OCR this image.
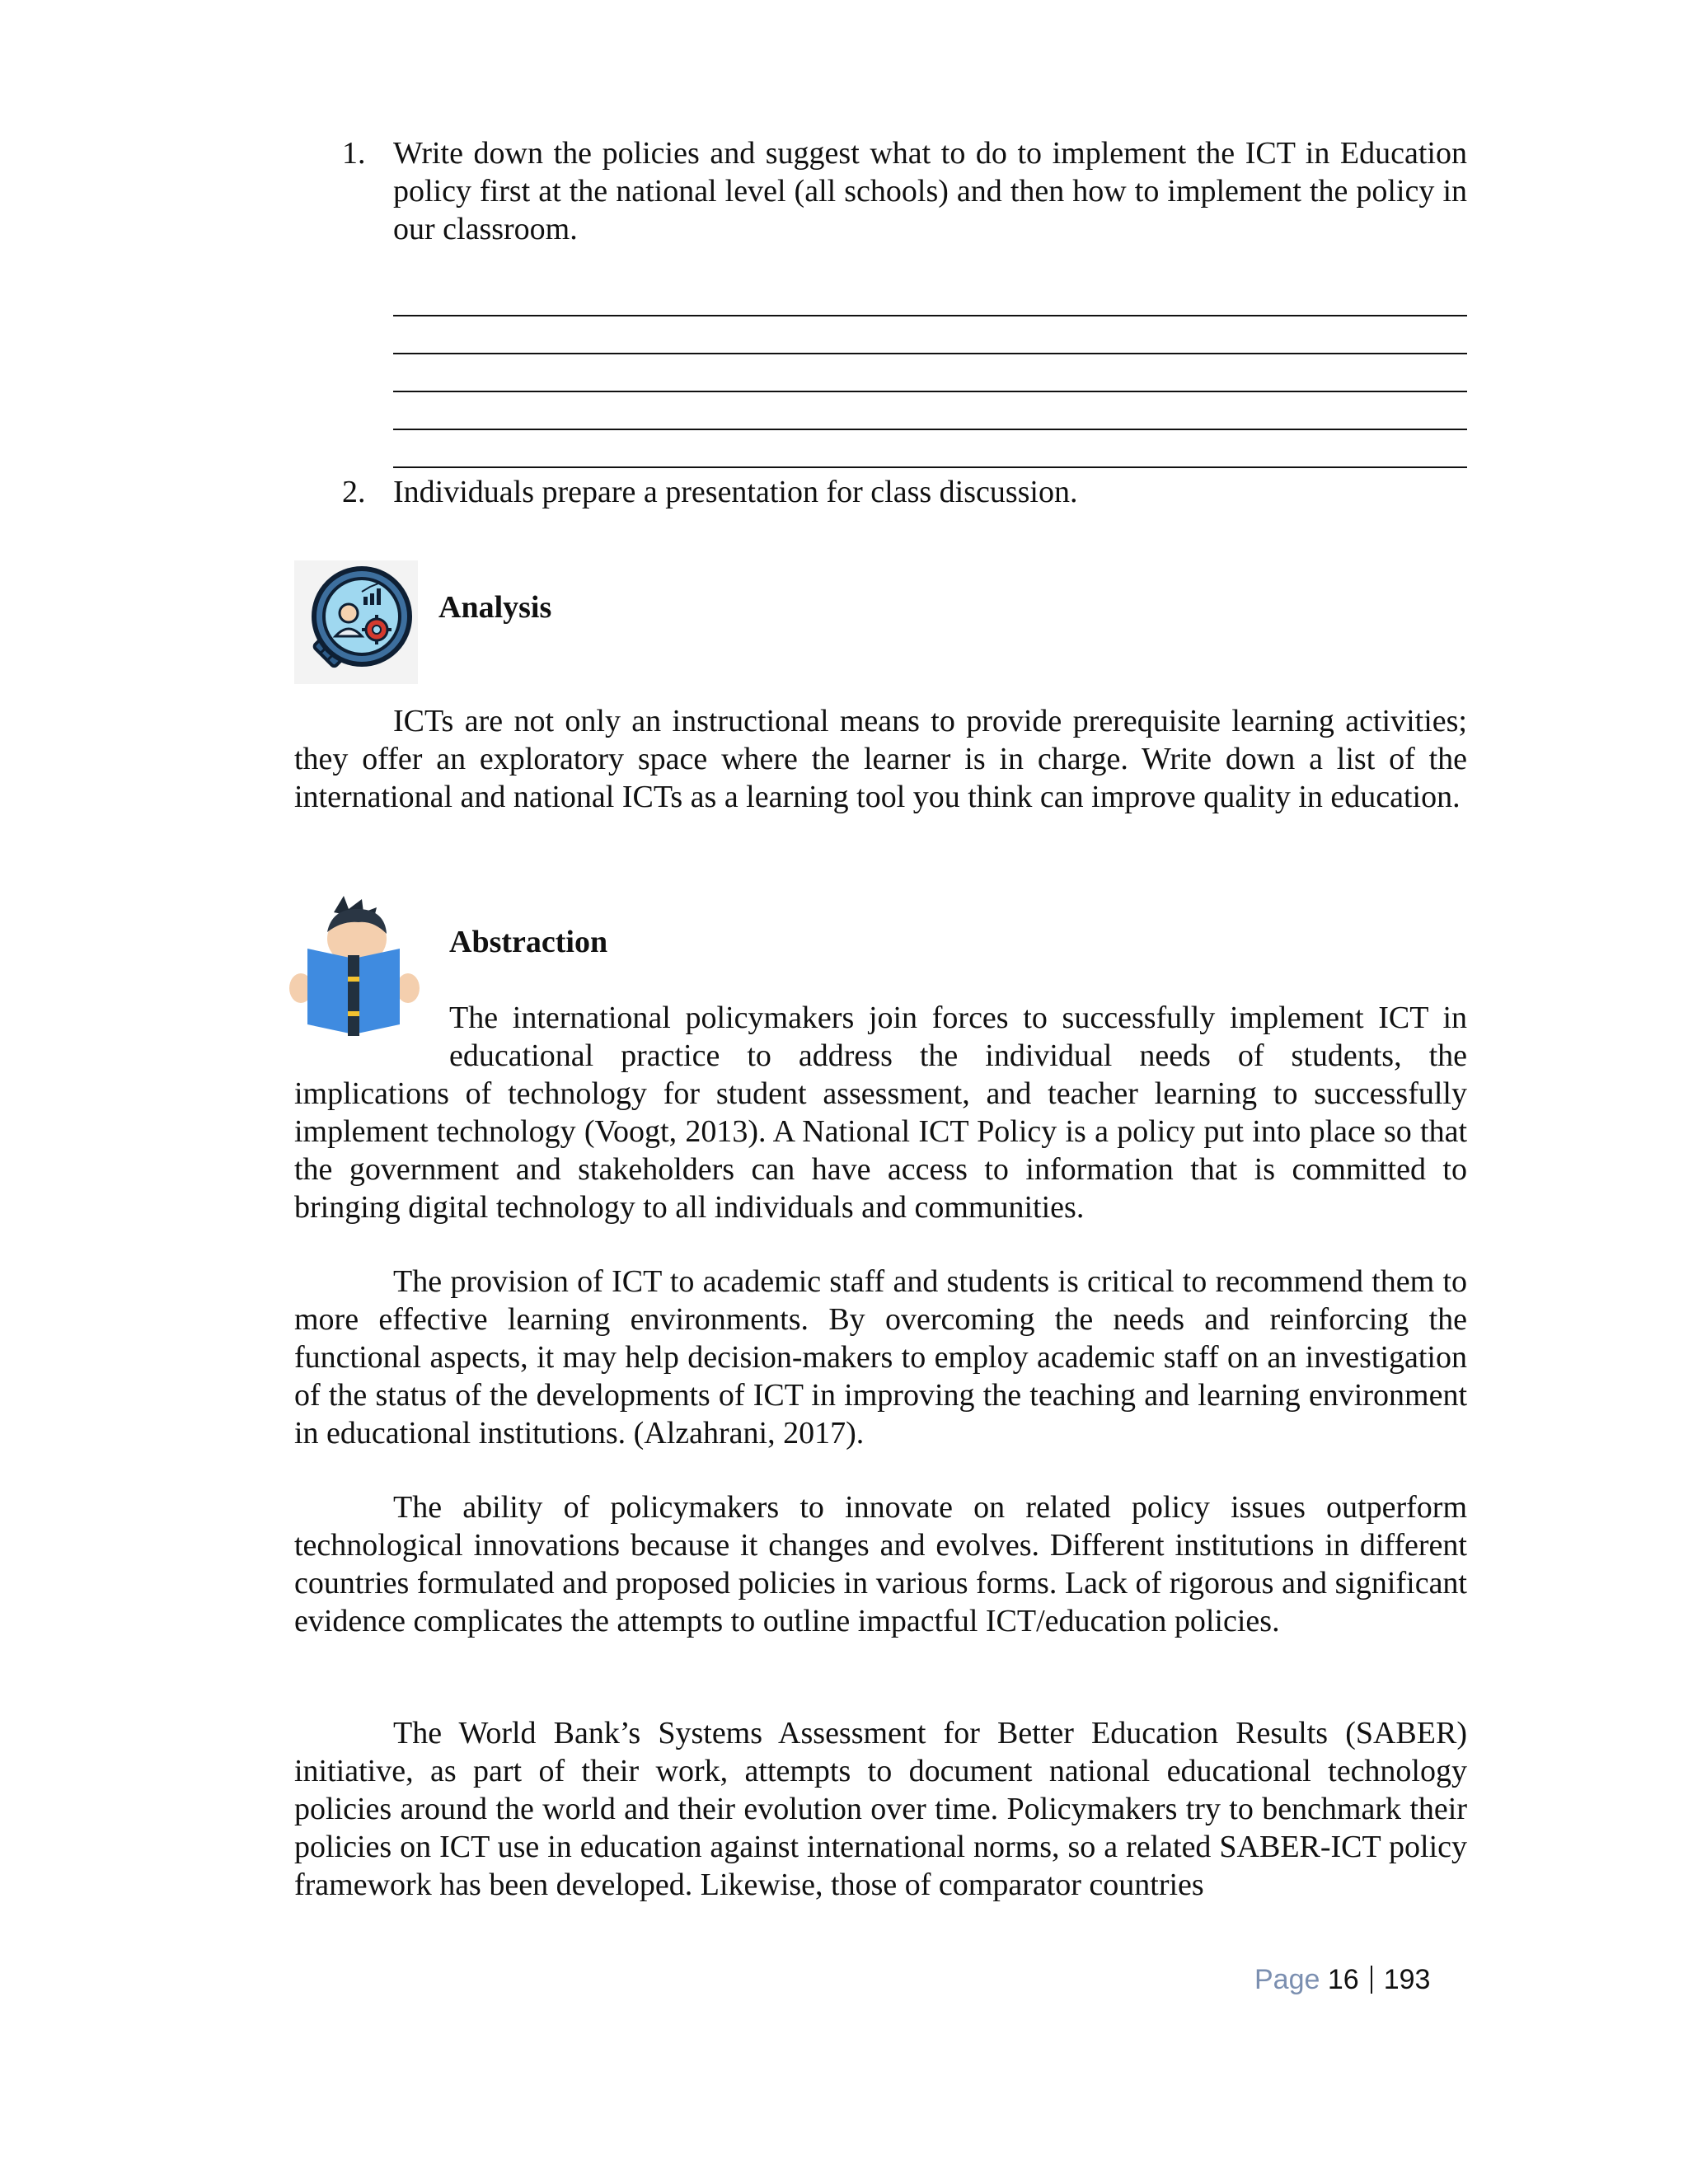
1. Write down the policies and suggest what to do to implement the ICT in Education policy first at the national level (all schools) and then how to implement the policy in our classroom.
2. Individuals prepare a presentation for class discussion.
Analysis
ICTs are not only an instructional means to provide prerequisite learning activities; they offer an exploratory space where the learner is in charge. Write down a list of the international and national ICTs as a learning tool you think can improve quality in education.
Abstraction
The international policymakers join forces to successfully implement ICT in educational practice to address the individual needs of students, the
implications of technology for student assessment, and teacher learning to successfully implement technology (Voogt, 2013). A National ICT Policy is a policy put into place so that the government and stakeholders can have access to information that is committed to bringing digital technology to all individuals and communities.
The provision of ICT to academic staff and students is critical to recommend them to more effective learning environments. By overcoming the needs and reinforcing the functional aspects, it may help decision-makers to employ academic staff on an investigation of the status of the developments of ICT in improving the teaching and learning environment in educational institutions. (Alzahrani, 2017).
The ability of policymakers to innovate on related policy issues outperform technological innovations because it changes and evolves. Different institutions in different countries formulated and proposed policies in various forms. Lack of rigorous and significant evidence complicates the attempts to outline impactful ICT/education policies.
The World Bank’s Systems Assessment for Better Education Results (SABER) initiative, as part of their work, attempts to document national educational technology policies around the world and their evolution over time. Policymakers try to benchmark their policies on ICT use in education against international norms, so a related SABER-ICT policy framework has been developed. Likewise, those of comparator countries
Page 16 193
